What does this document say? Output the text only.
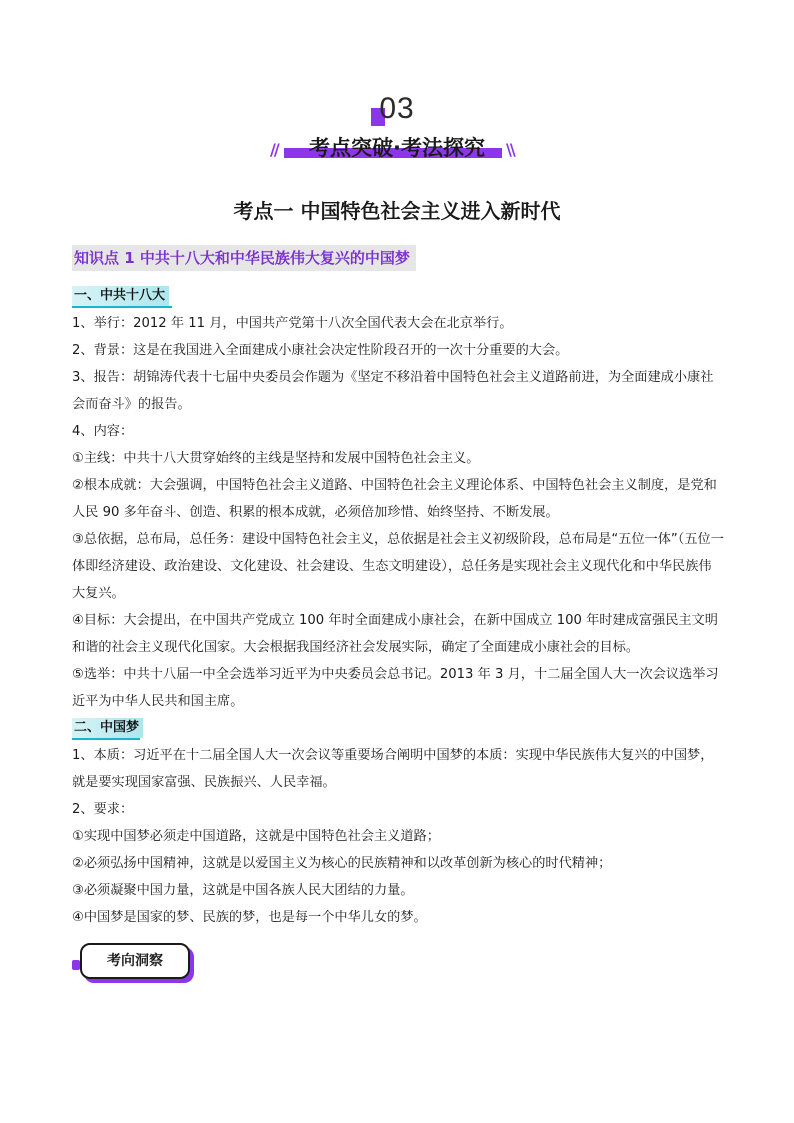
03
//	\\
考点突破·考法探究
考点一 中国特色社会主义进入新时代
知识点 1 中共十八大和中华民族伟大复兴的中国梦
一、中共十八大
1、举行：2012 年 11 月，中国共产党第十八次全国代表大会在北京举行。
2、背景：这是在我国进入全面建成小康社会决定性阶段召开的一次十分重要的大会。
3、报告：胡锦涛代表十七届中央委员会作题为《坚定不移沿着中国特色社会主义道路前进，为全面建成小康社会而奋斗》的报告。
4、内容：
①主线：中共十八大贯穿始终的主线是坚持和发展中国特色社会主义。
②根本成就：大会强调，中国特色社会主义道路、中国特色社会主义理论体系、中国特色社会主义制度，是党和人民 90 多年奋斗、创造、积累的根本成就，必须倍加珍惜、始终坚持、不断发展。
③总依据，总布局，总任务：建设中国特色社会主义，总依据是社会主义初级阶段，总布局是“五位一体”（五位一体即经济建设、政治建设、文化建设、社会建设、生态文明建设），总任务是实现社会主义现代化和中华民族伟大复兴。
④目标：大会提出，在中国共产党成立 100 年时全面建成小康社会，在新中国成立 100 年时建成富强民主文明和谐的社会主义现代化国家。大会根据我国经济社会发展实际，确定了全面建成小康社会的目标。
⑤选举：中共十八届一中全会选举习近平为中央委员会总书记。2013 年 3 月，十二届全国人大一次会议选举习近平为中华人民共和国主席。
二、中国梦
1、本质：习近平在十二届全国人大一次会议等重要场合阐明中国梦的本质：实现中华民族伟大复兴的中国梦，就是要实现国家富强、民族振兴、人民幸福。
2、要求：
①实现中国梦必须走中国道路，这就是中国特色社会主义道路；
②必须弘扬中国精神，这就是以爱国主义为核心的民族精神和以改革创新为核心的时代精神；
③必须凝聚中国力量，这就是中国各族人民大团结的力量。
④中国梦是国家的梦、民族的梦，也是每一个中华儿女的梦。
考向洞察
